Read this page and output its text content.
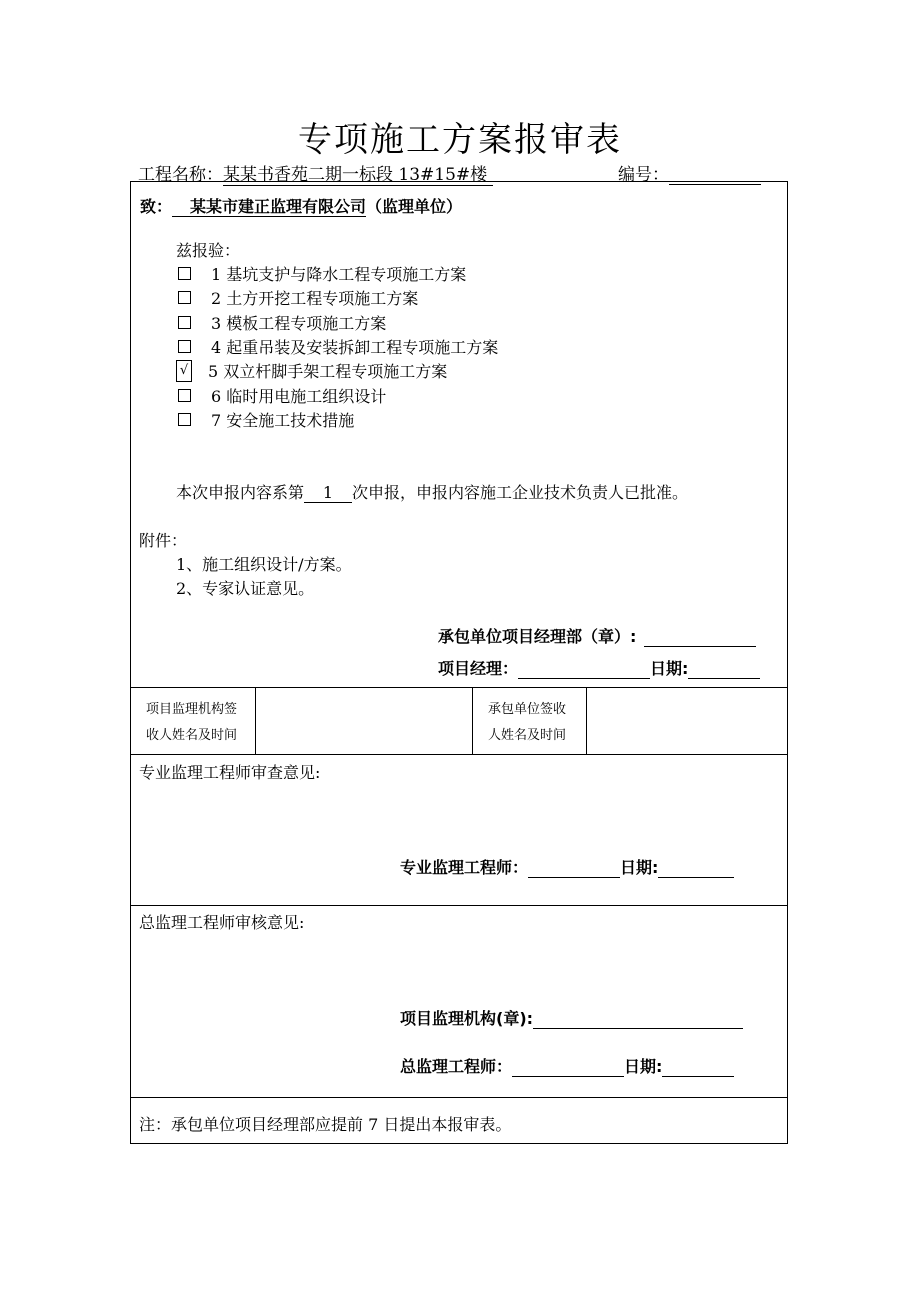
专项施工方案报审表
工程名称：某某书香苑二期一标段 13#15#楼	编号：
致： 某某市建正监理有限公司（监理单位）
兹报验：
1 基坑支护与降水工程专项施工方案
2 土方开挖工程专项施工方案
3 模板工程专项施工方案
4 起重吊装及安装拆卸工程专项施工方案
√ 5 双立杆脚手架工程专项施工方案
6 临时用电施工组织设计
7 安全施工技术措施
本次申报内容系第 1 次申报，申报内容施工企业技术负责人已批准。
附件：
1、施工组织设计/方案。
2、专家认证意见。
承包单位项目经理部（章）:
项目经理：	日期:
项目监理机构签
收人姓名及时间
承包单位签收
人姓名及时间
专业监理工程师审查意见:
专业监理工程师：	日期:
总监理工程师审核意见:
项目监理机构(章):
总监理工程师：	日期:
注：承包单位项目经理部应提前 7 日提出本报审表。
